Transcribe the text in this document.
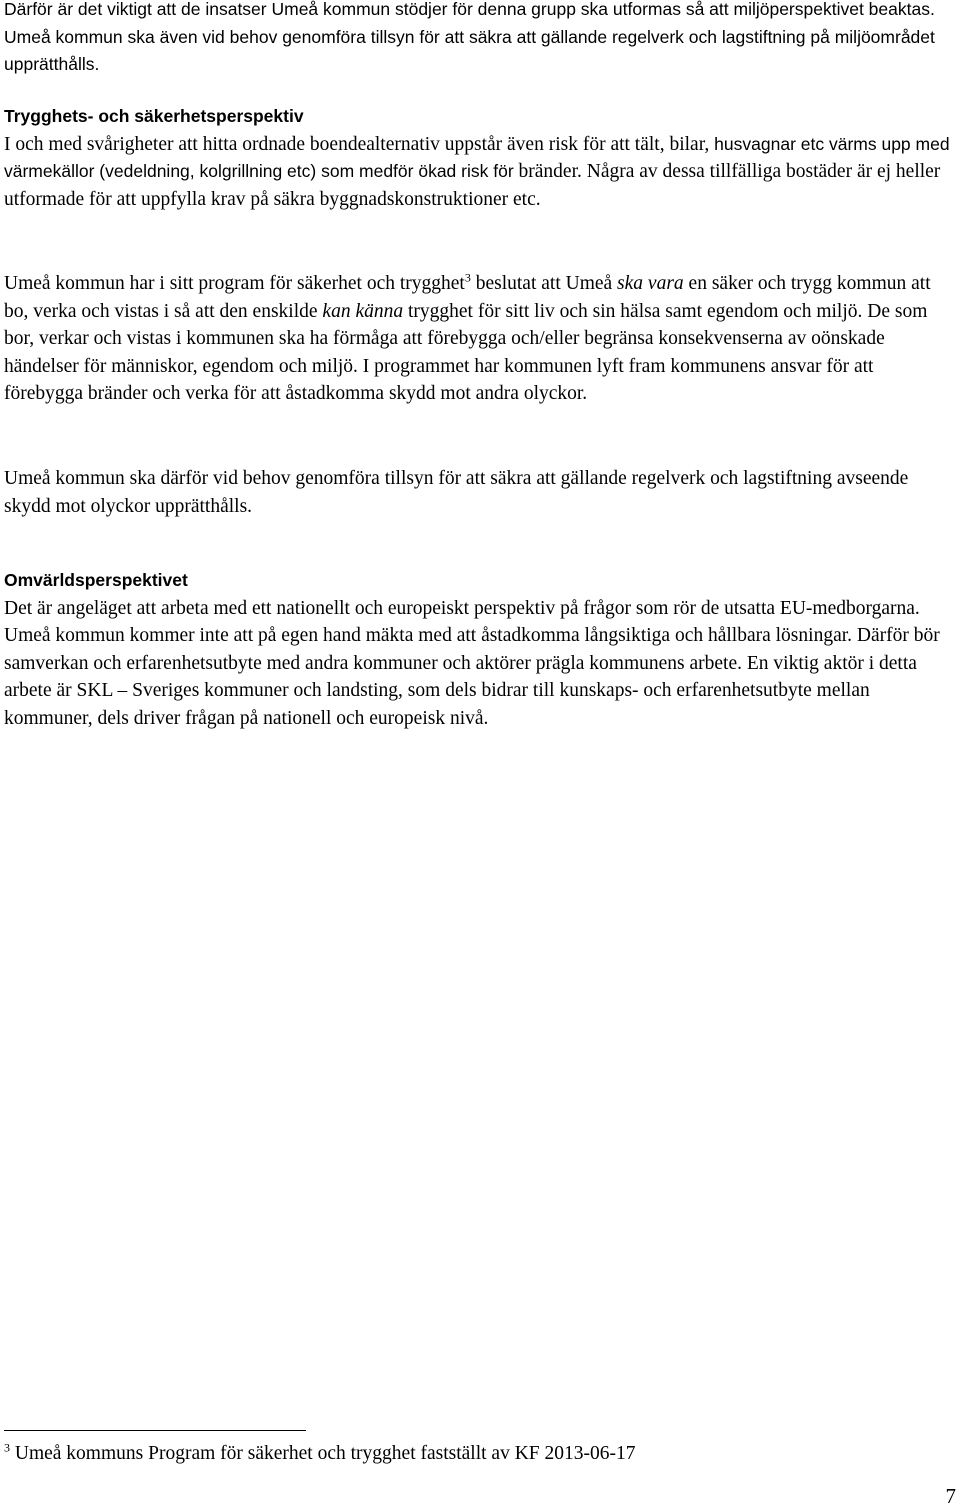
Därför är det viktigt att de insatser Umeå kommun stödjer för denna grupp ska utformas så att miljöperspektivet beaktas. Umeå kommun ska även vid behov genomföra tillsyn för att säkra att gällande regelverk och lagstiftning på miljöområdet upprätthålls.

Trygghets- och säkerhetsperspektiv
I och med svårigheter att hitta ordnade boendealternativ uppstår även risk för att tält, bilar, husvagnar etc värms upp med värmekällor (vedeldning, kolgrillning etc) som medför ökad risk för bränder. Några av dessa tillfälliga bostäder är ej heller utformade för att uppfylla krav på säkra byggnadskonstruktioner etc.

Umeå kommun har i sitt program för säkerhet och trygghet$^3$ beslutat att Umeå ska vara en säker och trygg kommun att bo, verka och vistas i så att den enskilde kan känna trygghet för sitt liv och sin hälsa samt egendom och miljö. De som bor, verkar och vistas i kommunen ska ha förmåga att förebygga och/eller begränsa konsekvenserna av oönskade händelser för människor, egendom och miljö. I programmet har kommunen lyft fram kommunens ansvar för att förebygga bränder och verka för att åstadkomma skydd mot andra olyckor.

Umeå kommun ska därför vid behov genomföra tillsyn för att säkra att gällande regelverk och lagstiftning avseende skydd mot olyckor upprätthålls.

Omvärldsperspektivet
Det är angeläget att arbeta med ett nationellt och europeiskt perspektiv på frågor som rör de utsatta EU-medborgarna. Umeå kommun kommer inte att på egen hand mäkta med att åstadkomma långsiktiga och hållbara lösningar. Därför bör samverkan och erfarenhetsutbyte med andra kommuner och aktörer prägla kommunens arbete. En viktig aktör i detta arbete är SKL – Sveriges kommuner och landsting, som dels bidrar till kunskaps- och erfarenhetsutbyte mellan kommuner, dels driver frågan på nationell och europeisk nivå.

$^3$ Umeå kommuns Program för säkerhet och trygghet fastställt av KF 2013-06-17

7
